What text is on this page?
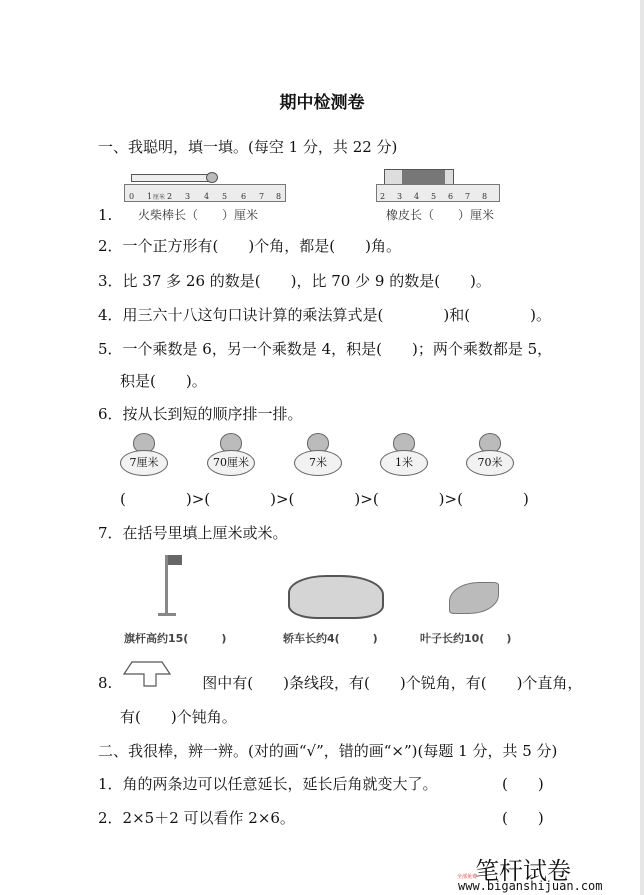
期中检测卷
一、我聪明，填一填。(每空 1 分，共 22 分)
0 1 厘米 2 3 4 5 6 7 8
1. 火柴棒长（　　）厘米
2 3 4 5 6 7 8
橡皮长（　　）厘米
2．一个正方形有(　　)个角，都是(　　)角。
3．比 37 多 26 的数是(　　)，比 70 少 9 的数是(　　)。
4．用三六十八这句口诀计算的乘法算式是(　　　　)和(　　　　)。
5．一个乘数是 6，另一个乘数是 4，积是(　　)；两个乘数都是 5，
积是(　　)。
6．按从长到短的顺序排一排。
7厘米	70厘米	7米	1米	70米
(　　　　)>(　　　　)>(　　　　)>(　　　　)>(　　　　)
7．在括号里填上厘米或米。
旗杆高约15(　　　)	轿车长约4(　　　)	叶子长约10(　　)
8.　　　　　　图中有(　　)条线段，有(　　)个锐角，有(　　)个直角，
有(　　)个钝角。
二、我很棒，辨一辨。(对的画“√”，错的画“×”)(每题 1 分，共 5 分)
1．角的两条边可以任意延长，延长后角就变大了。	(　　)
2．2×5＋2 可以看作 2×6。	(　　)
全部免费
笔杆试卷
www.biganshijuan.com
